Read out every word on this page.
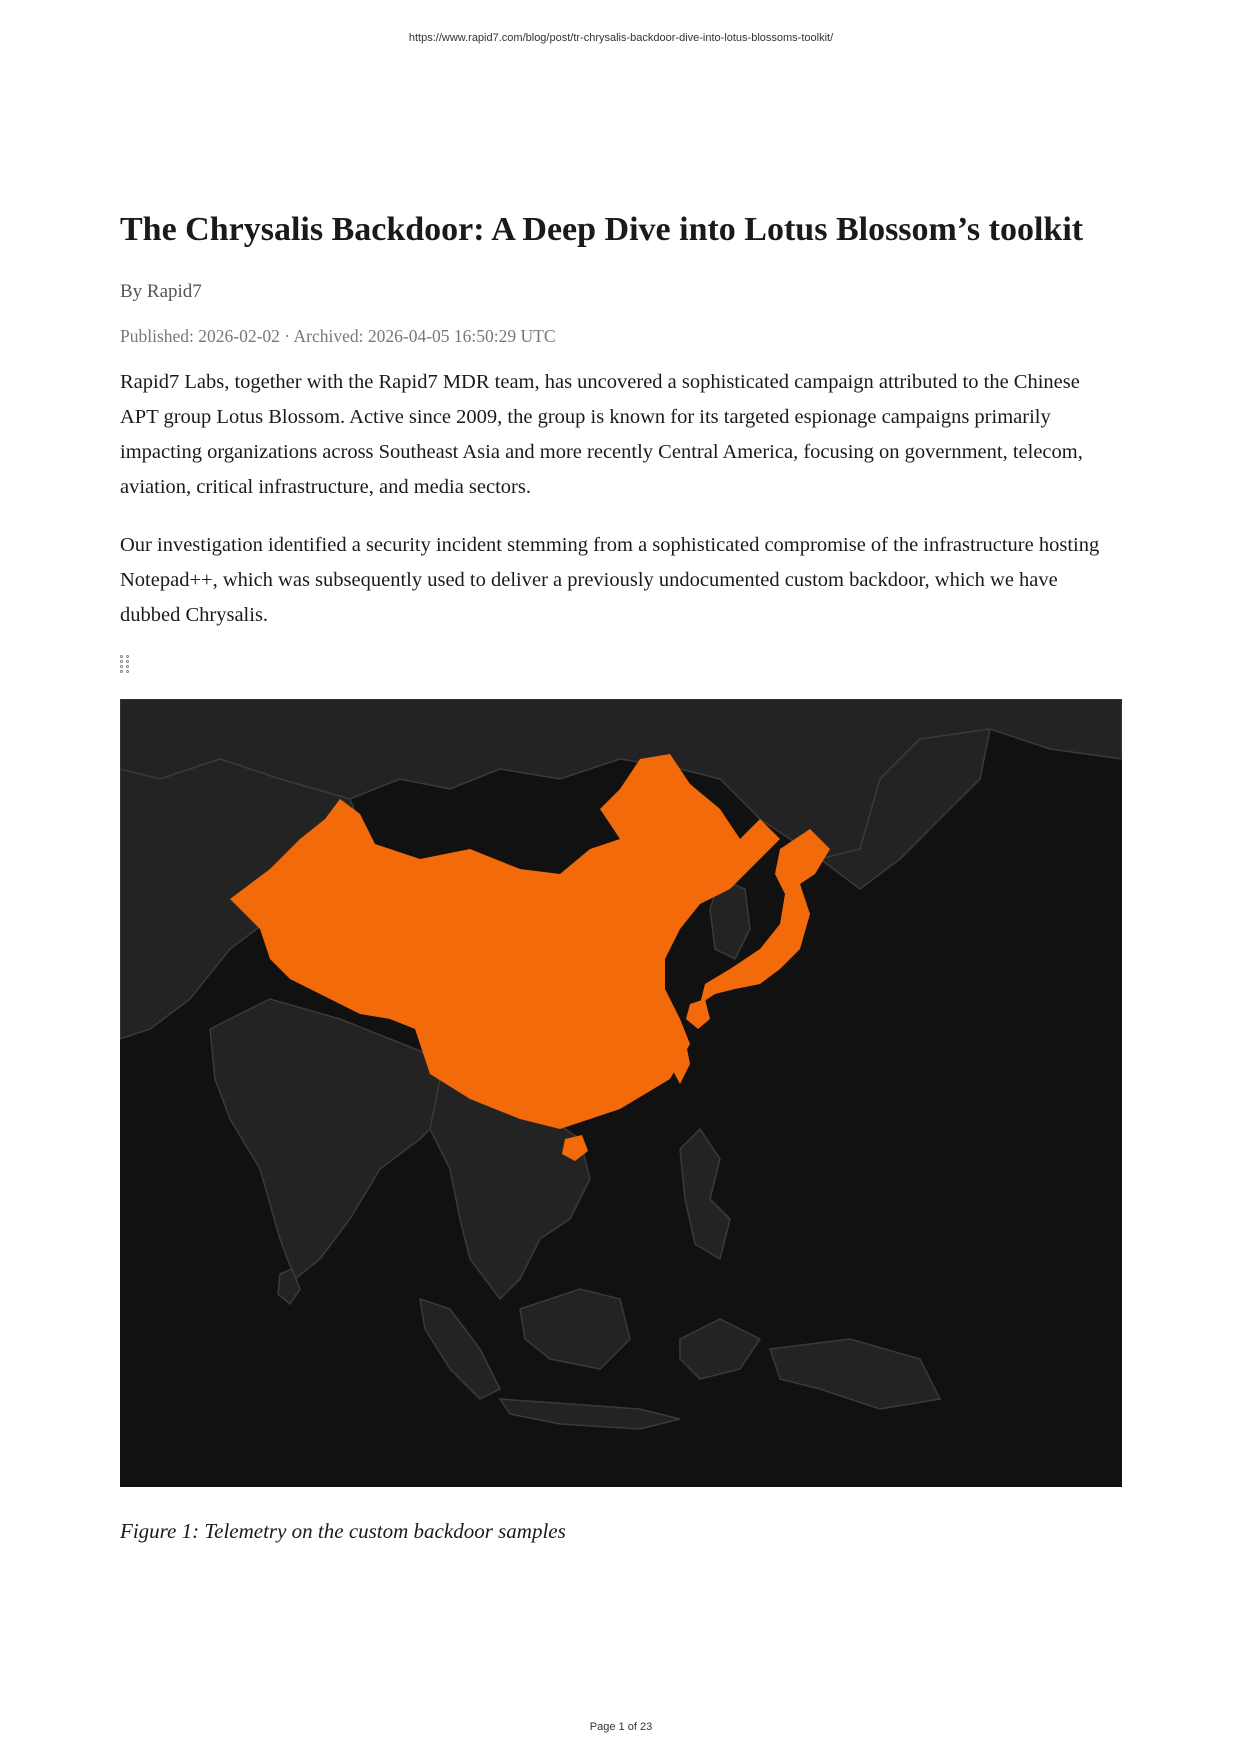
https://www.rapid7.com/blog/post/tr-chrysalis-backdoor-dive-into-lotus-blossoms-toolkit/
The Chrysalis Backdoor: A Deep Dive into Lotus Blossom’s toolkit
By Rapid7
Published: 2026-02-02 · Archived: 2026-04-05 16:50:29 UTC

Rapid7 Labs, together with the Rapid7 MDR team, has uncovered a sophisticated campaign attributed to the Chinese APT group Lotus Blossom. Active since 2009, the group is known for its targeted espionage campaigns primarily impacting organizations across Southeast Asia and more recently Central America, focusing on government, telecom, aviation, critical infrastructure, and media sectors.

Our investigation identified a security incident stemming from a sophisticated compromise of the infrastructure hosting Notepad++, which was subsequently used to deliver a previously undocumented custom backdoor, which we have dubbed Chrysalis.

Figure 1: Telemetry on the custom backdoor samples
Page 1 of 23
